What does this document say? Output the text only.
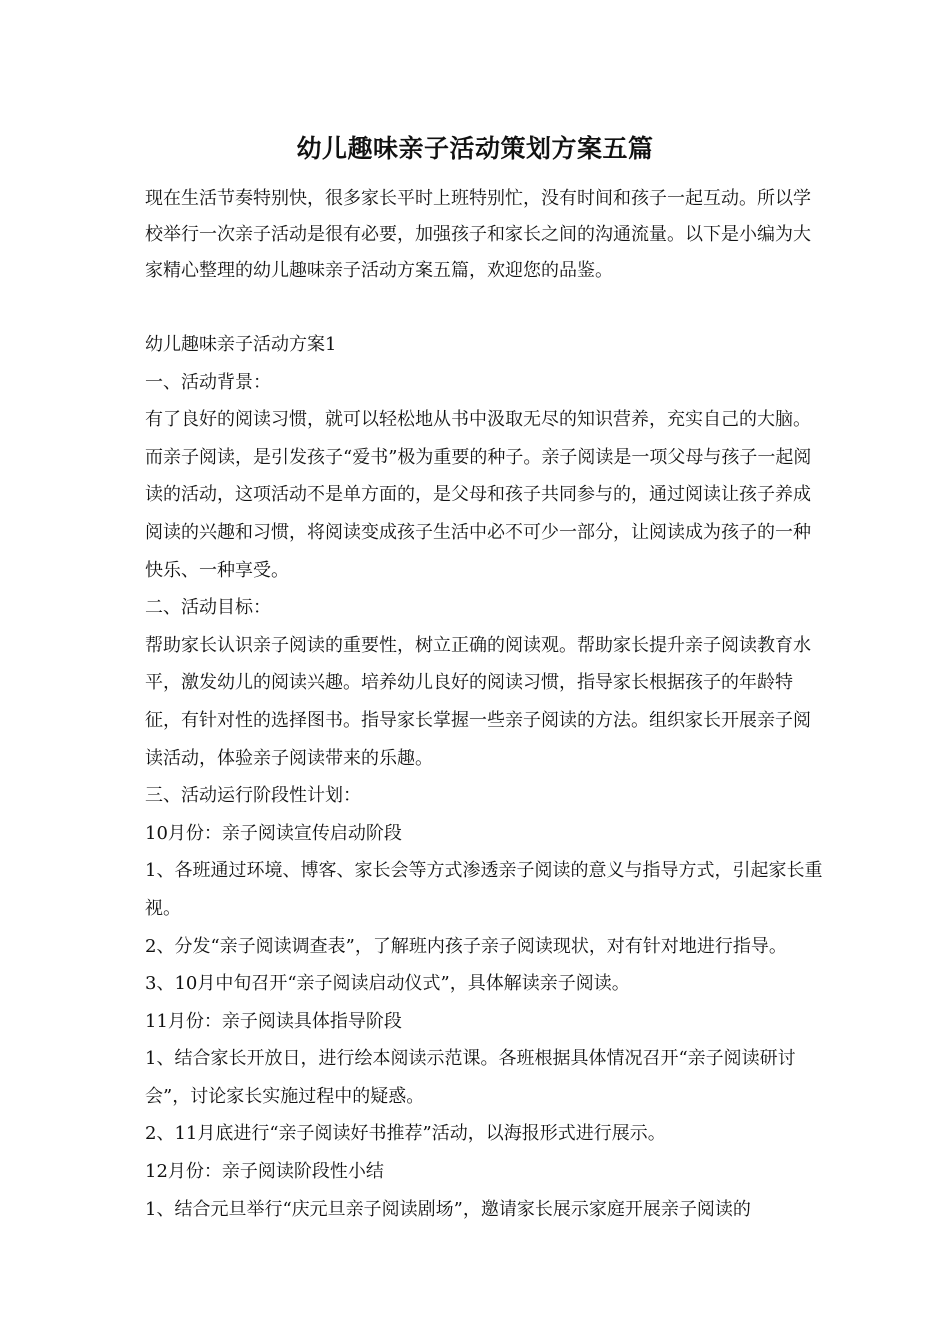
幼儿趣味亲子活动策划方案五篇

现在生活节奏特别快，很多家长平时上班特别忙，没有时间和孩子一起互动。所以学校举行一次亲子活动是很有必要，加强孩子和家长之间的沟通流量。以下是小编为大家精心整理的幼儿趣味亲子活动方案五篇，欢迎您的品鉴。

幼儿趣味亲子活动方案1

一、活动背景：

有了良好的阅读习惯，就可以轻松地从书中汲取无尽的知识营养，充实自己的大脑。而亲子阅读，是引发孩子“爱书”极为重要的种子。亲子阅读是一项父母与孩子一起阅读的活动，这项活动不是单方面的，是父母和孩子共同参与的，通过阅读让孩子养成阅读的兴趣和习惯，将阅读变成孩子生活中必不可少一部分，让阅读成为孩子的一种快乐、一种享受。

二、活动目标：

帮助家长认识亲子阅读的重要性，树立正确的阅读观。帮助家长提升亲子阅读教育水平，激发幼儿的阅读兴趣。培养幼儿良好的阅读习惯，指导家长根据孩子的年龄特征，有针对性的选择图书。指导家长掌握一些亲子阅读的方法。组织家长开展亲子阅读活动，体验亲子阅读带来的乐趣。

三、活动运行阶段性计划：

10月份：亲子阅读宣传启动阶段

1、各班通过环境、博客、家长会等方式渗透亲子阅读的意义与指导方式，引起家长重视。

2、分发“亲子阅读调查表”，了解班内孩子亲子阅读现状，对有针对地进行指导。

3、10月中旬召开“亲子阅读启动仪式”，具体解读亲子阅读。

11月份：亲子阅读具体指导阶段

1、结合家长开放日，进行绘本阅读示范课。各班根据具体情况召开“亲子阅读研讨会”，讨论家长实施过程中的疑惑。

2、11月底进行“亲子阅读好书推荐”活动，以海报形式进行展示。

12月份：亲子阅读阶段性小结

1、结合元旦举行“庆元旦亲子阅读剧场”，邀请家长展示家庭开展亲子阅读的
